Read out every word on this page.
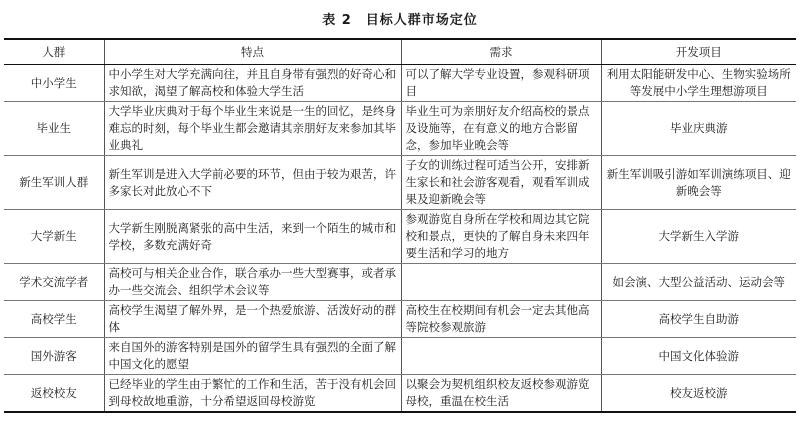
表 2　目标人群市场定位
人群	特点	需求	开发项目
中小学生	中小学生对大学充满向往，并且自身带有强烈的好奇心和求知欲，渴望了解高校和体验大学生活	可以了解大学专业设置，参观科研项目	利用太阳能研发中心、生物实验场所等发展中小学生理想游项目
毕业生	大学毕业庆典对于每个毕业生来说是一生的回忆，是终身难忘的时刻，每个毕业生都会邀请其亲朋好友来参加其毕业典礼	毕业生可为亲朋好友介绍高校的景点及设施等，在有意义的地方合影留念，参加毕业晚会等	毕业庆典游
新生军训人群	新生军训是进入大学前必要的环节，但由于较为艰苦，许多家长对此放心不下	子女的训练过程可适当公开，安排新生家长和社会游客观看，观看军训成果及迎新晚会等	新生军训吸引游如军训演练项目、迎新晚会等
大学新生	大学新生刚脱离紧张的高中生活，来到一个陌生的城市和学校，多数充满好奇	参观游览自身所在学校和周边其它院校和景点，更快的了解自身未来四年要生活和学习的地方	大学新生入学游
学术交流学者	高校可与相关企业合作，联合承办一些大型赛事，或者承办一些交流会、组织学术会议等		如会演、大型公益活动、运动会等
高校学生	高校学生渴望了解外界，是一个热爱旅游、活泼好动的群体	高校生在校期间有机会一定去其他高等院校参观旅游	高校学生自助游
国外游客	来自国外的游客特别是国外的留学生具有强烈的全面了解中国文化的愿望		中国文化体验游
返校校友	已经毕业的学生由于繁忙的工作和生活，苦于没有机会回到母校故地重游，十分希望返回母校游览	以聚会为契机组织校友返校参观游览母校，重温在校生活	校友返校游
